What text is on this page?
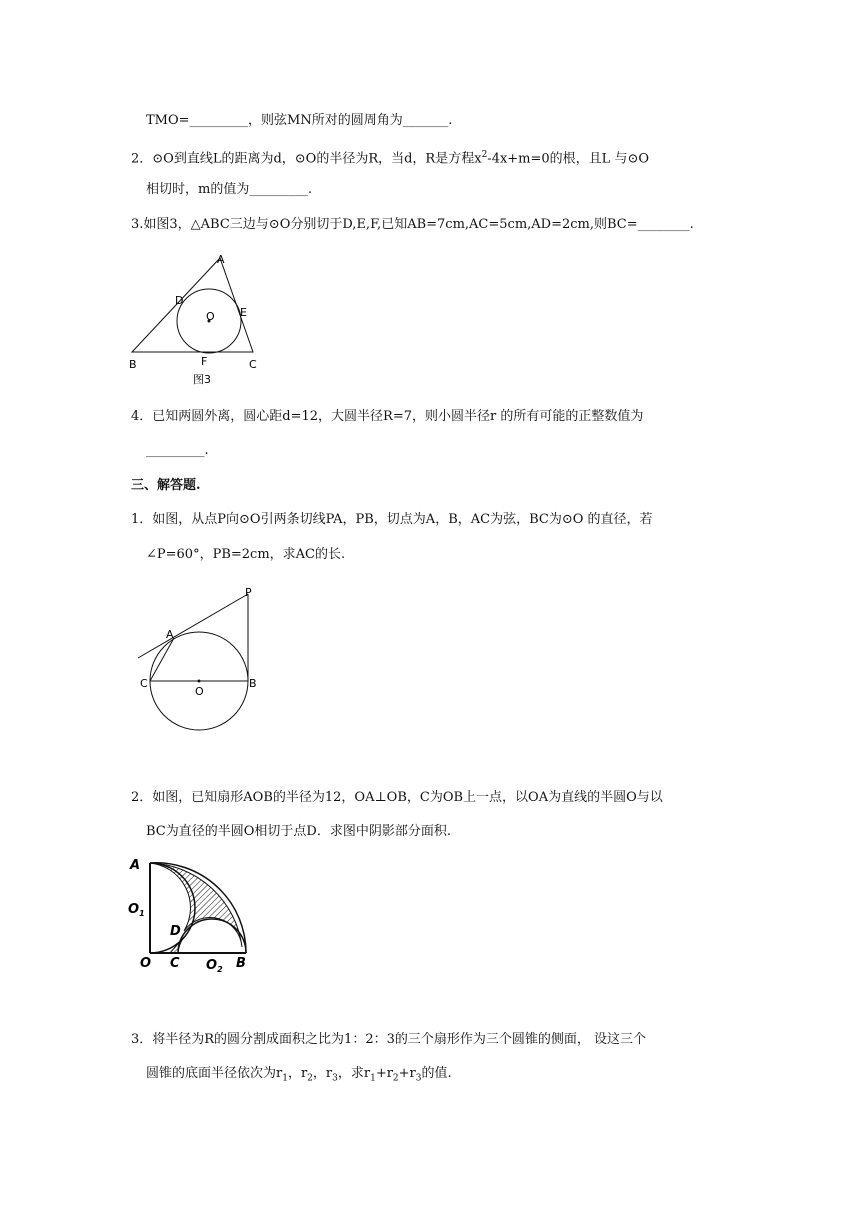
TMO=_________，则弦MN所对的圆周角为_______.
2．⊙O到直线L的距离为d，⊙O的半径为R，当d，R是方程$x^2-4x+m=0$的根，且L 与⊙O
相切时，m的值为_________.
3.如图3，△ABC三边与⊙O分别切于D,E,F,已知AB=7cm,AC=5cm,AD=2cm,则BC=________.
A
B	C
D
E
F
O
图3
4．已知两圆外离，圆心距d=12，大圆半径R=7，则小圆半径r 的所有可能的正整数值为
_________.
三、解答题.
1．如图，从点P向⊙O引两条切线PA，PB，切点为A，B，AC为弦，BC为⊙O 的直径，若
∠P=60°，PB=2cm，求AC的长.
P
A
C
O
B
2．如图，已知扇形AOB的半径为12，OA⊥OB，C为OB上一点，以OA为直线的半圆O与以
BC为直径的半圆O相切于点D．求图中阴影部分面积.
A
$O_1$
D
O C $O_2$ B
3．将半径为R的圆分割成面积之比为1：2：3的三个扇形作为三个圆锥的侧面， 设这三个
圆锥的底面半径依次为$r_1$，$r_2$，$r_3$，求$r_1+r_2+r_3$的值.
